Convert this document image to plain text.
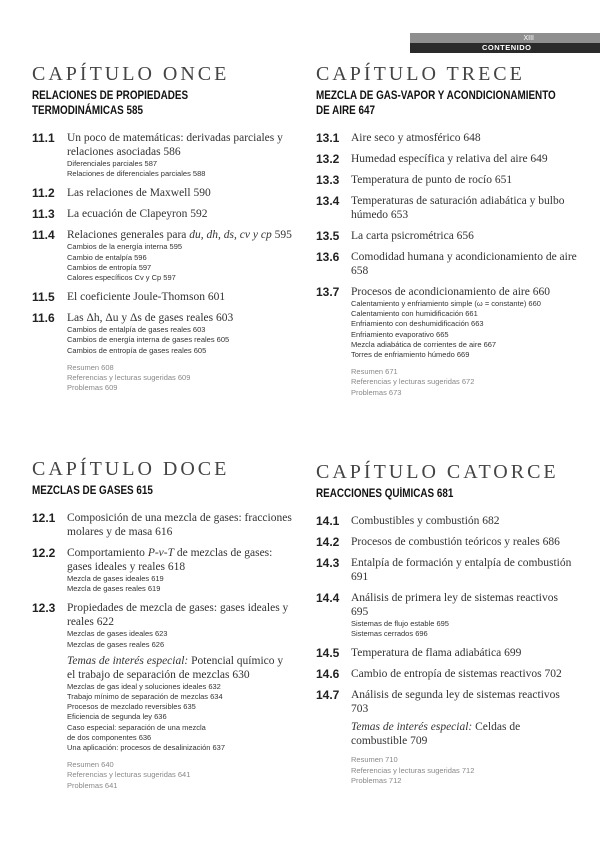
XIII
CONTENIDO
CAPÍTULO ONCE
RELACIONES DE PROPIEDADES
TERMODINÁMICAS 585
11.1 Un poco de matemáticas: derivadas parciales y relaciones asociadas 586
Diferenciales parciales 587
Relaciones de diferenciales parciales 588
11.2 Las relaciones de Maxwell 590
11.3 La ecuación de Clapeyron 592
11.4 Relaciones generales para du, dh, ds, cv y cp 595
Cambios de la energía interna 595
Cambio de entalpía 596
Cambios de entropía 597
Calores específicos Cv y Cp 597
11.5 El coeficiente Joule-Thomson 601
11.6 Las Δh, Δu y Δs de gases reales 603
Cambios de entalpía de gases reales 603
Cambios de energía interna de gases reales 605
Cambios de entropía de gases reales 605
Resumen 608
Referencias y lecturas sugeridas 609
Problemas 609
CAPÍTULO TRECE
MEZCLA DE GAS-VAPOR Y ACONDICIONAMIENTO
DE AIRE 647
13.1 Aire seco y atmosférico 648
13.2 Humedad específica y relativa del aire 649
13.3 Temperatura de punto de rocío 651
13.4 Temperaturas de saturación adiabática y bulbo húmedo 653
13.5 La carta psicrométrica 656
13.6 Comodidad humana y acondicionamiento de aire 658
13.7 Procesos de acondicionamiento de aire 660
Calentamiento y enfriamiento simple (ω = constante) 660
Calentamiento con humidificación 661
Enfriamiento con deshumidificación 663
Enfriamiento evaporativo 665
Mezcla adiabática de corrientes de aire 667
Torres de enfriamiento húmedo 669
Resumen 671
Referencias y lecturas sugeridas 672
Problemas 673
CAPÍTULO DOCE
MEZCLAS DE GASES 615
12.1 Composición de una mezcla de gases: fracciones molares y de masa 616
12.2 Comportamiento P-v-T de mezclas de gases: gases ideales y reales 618
Mezcla de gases ideales 619
Mezcla de gases reales 619
12.3 Propiedades de mezcla de gases: gases ideales y reales 622
Mezclas de gases ideales 623
Mezclas de gases reales 626
Temas de interés especial: Potencial químico y el trabajo de separación de mezclas 630
Mezclas de gas ideal y soluciones ideales 632
Trabajo mínimo de separación de mezclas 634
Procesos de mezclado reversibles 635
Eficiencia de segunda ley 636
Caso especial: separación de una mezcla
de dos componentes 636
Una aplicación: procesos de desalinización 637
Resumen 640
Referencias y lecturas sugeridas 641
Problemas 641
CAPÍTULO CATORCE
REACCIONES QUÍMICAS 681
14.1 Combustibles y combustión 682
14.2 Procesos de combustión teóricos y reales 686
14.3 Entalpía de formación y entalpía de combustión 691
14.4 Análisis de primera ley de sistemas reactivos 695
Sistemas de flujo estable 695
Sistemas cerrados 696
14.5 Temperatura de flama adiabática 699
14.6 Cambio de entropía de sistemas reactivos 702
14.7 Análisis de segunda ley de sistemas reactivos 703
Temas de interés especial: Celdas de combustible 709
Resumen 710
Referencias y lecturas sugeridas 712
Problemas 712
